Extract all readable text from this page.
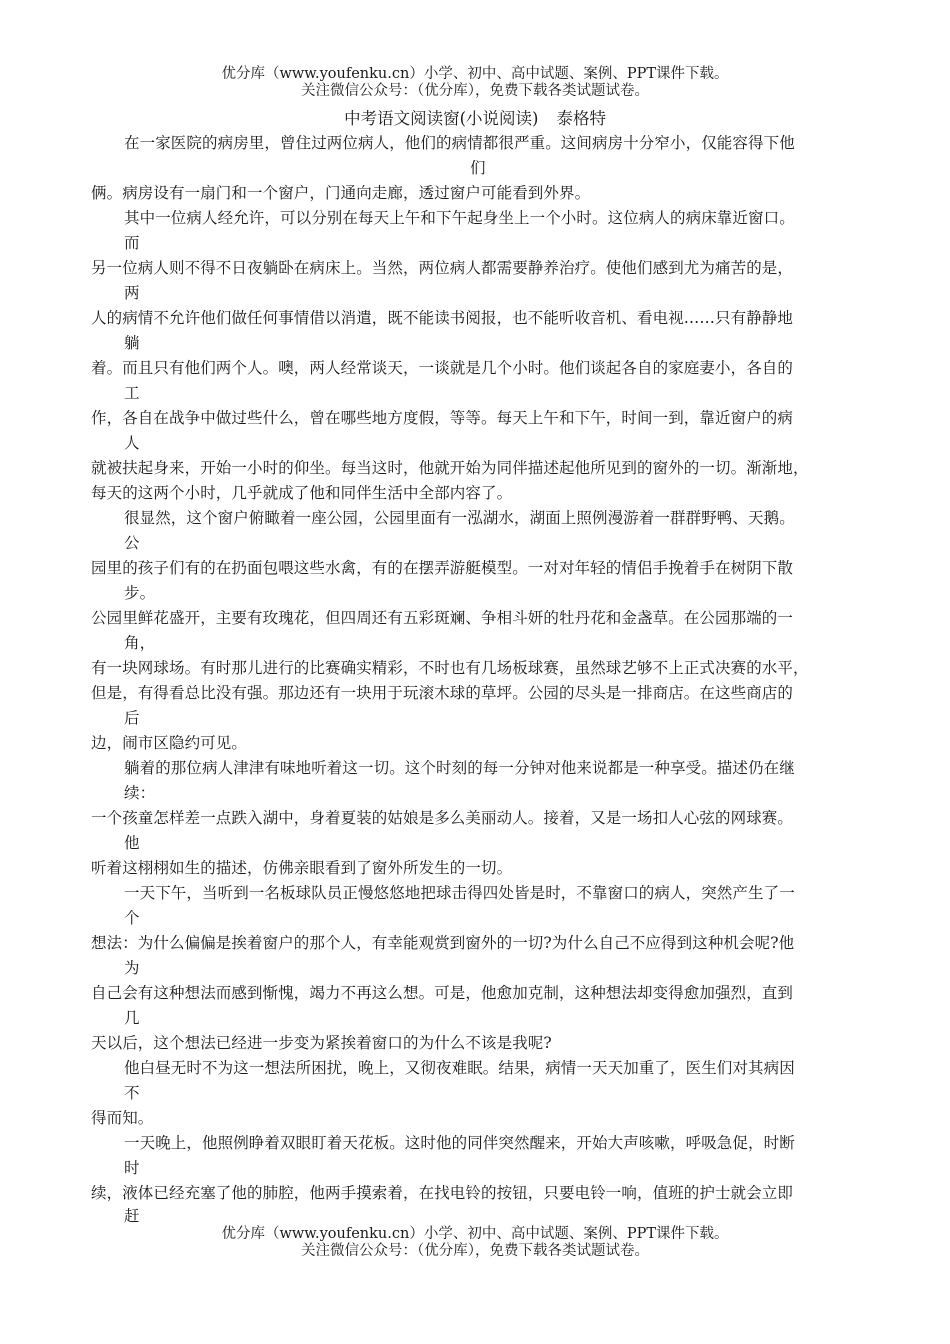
优分库（www.youfenku.cn）小学、初中、高中试题、案例、PPT课件下载。
关注微信公众号：（优分库），免费下载各类试题试卷。
中考语文阅读窗(小说阅读) 泰格特
在一家医院的病房里，曾住过两位病人，他们的病情都很严重。这间病房十分窄小，仅能容得下他
们
俩。病房设有一扇门和一个窗户，门通向走廊，透过窗户可能看到外界。
其中一位病人经允许，可以分别在每天上午和下午起身坐上一个小时。这位病人的病床靠近窗口。
而
另一位病人则不得不日夜躺卧在病床上。当然，两位病人都需要静养治疗。使他们感到尤为痛苦的是，
两
人的病情不允许他们做任何事情借以消遣，既不能读书阅报，也不能听收音机、看电视……只有静静地
躺
着。而且只有他们两个人。噢，两人经常谈天，一谈就是几个小时。他们谈起各自的家庭妻小，各自的
工
作，各自在战争中做过些什么，曾在哪些地方度假，等等。每天上午和下午，时间一到，靠近窗户的病
人
就被扶起身来，开始一小时的仰坐。每当这时，他就开始为同伴描述起他所见到的窗外的一切。渐渐地，
每天的这两个小时，几乎就成了他和同伴生活中全部内容了。
很显然，这个窗户俯瞰着一座公园，公园里面有一泓湖水，湖面上照例漫游着一群群野鸭、天鹅。
公
园里的孩子们有的在扔面包喂这些水禽，有的在摆弄游艇模型。一对对年轻的情侣手挽着手在树阴下散
步。
公园里鲜花盛开，主要有玫瑰花，但四周还有五彩斑斓、争相斗妍的牡丹花和金盏草。在公园那端的一
角，
有一块网球场。有时那儿进行的比赛确实精彩，不时也有几场板球赛，虽然球艺够不上正式决赛的水平，
但是，有得看总比没有强。那边还有一块用于玩滚木球的草坪。公园的尽头是一排商店。在这些商店的
后
边，闹市区隐约可见。
躺着的那位病人津津有味地听着这一切。这个时刻的每一分钟对他来说都是一种享受。描述仍在继
续：
一个孩童怎样差一点跌入湖中，身着夏装的姑娘是多么美丽动人。接着，又是一场扣人心弦的网球赛。
他
听着这栩栩如生的描述，仿佛亲眼看到了窗外所发生的一切。
一天下午，当听到一名板球队员正慢悠悠地把球击得四处皆是时，不靠窗口的病人，突然产生了一
个
想法：为什么偏偏是挨着窗户的那个人，有幸能观赏到窗外的一切?为什么自己不应得到这种机会呢?他
为
自己会有这种想法而感到惭愧，竭力不再这么想。可是，他愈加克制，这种想法却变得愈加强烈，直到
几
天以后，这个想法已经进一步变为紧挨着窗口的为什么不该是我呢?
他白昼无时不为这一想法所困扰，晚上，又彻夜难眠。结果，病情一天天加重了，医生们对其病因
不
得而知。
一天晚上，他照例睁着双眼盯着天花板。这时他的同伴突然醒来，开始大声咳嗽，呼吸急促，时断
时
续，液体已经充塞了他的肺腔，他两手摸索着，在找电铃的按钮，只要电铃一响，值班的护士就会立即
赶
优分库（www.youfenku.cn）小学、初中、高中试题、案例、PPT课件下载。
关注微信公众号：（优分库），免费下载各类试题试卷。
